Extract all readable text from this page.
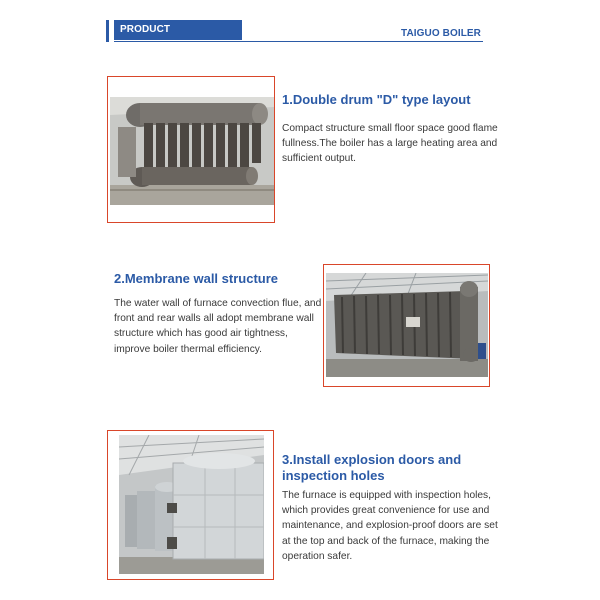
PRODUCT ADVANTAGES
TAIGUO BOILER
1.Double drum "D" type layout
Compact structure small floor space good flame fullness.The boiler has a large heating area and sufficient output.
2.Membrane wall structure
The water wall of furnace convection flue, and front and rear walls all adopt membrane wall structure which has good air tightness, improve boiler thermal efficiency.
3.Install explosion doors and inspection holes
The furnace is equipped with inspection holes, which provides great convenience for use and maintenance, and explosion-proof doors are set at the top and back of the furnace, making the operation safer.
